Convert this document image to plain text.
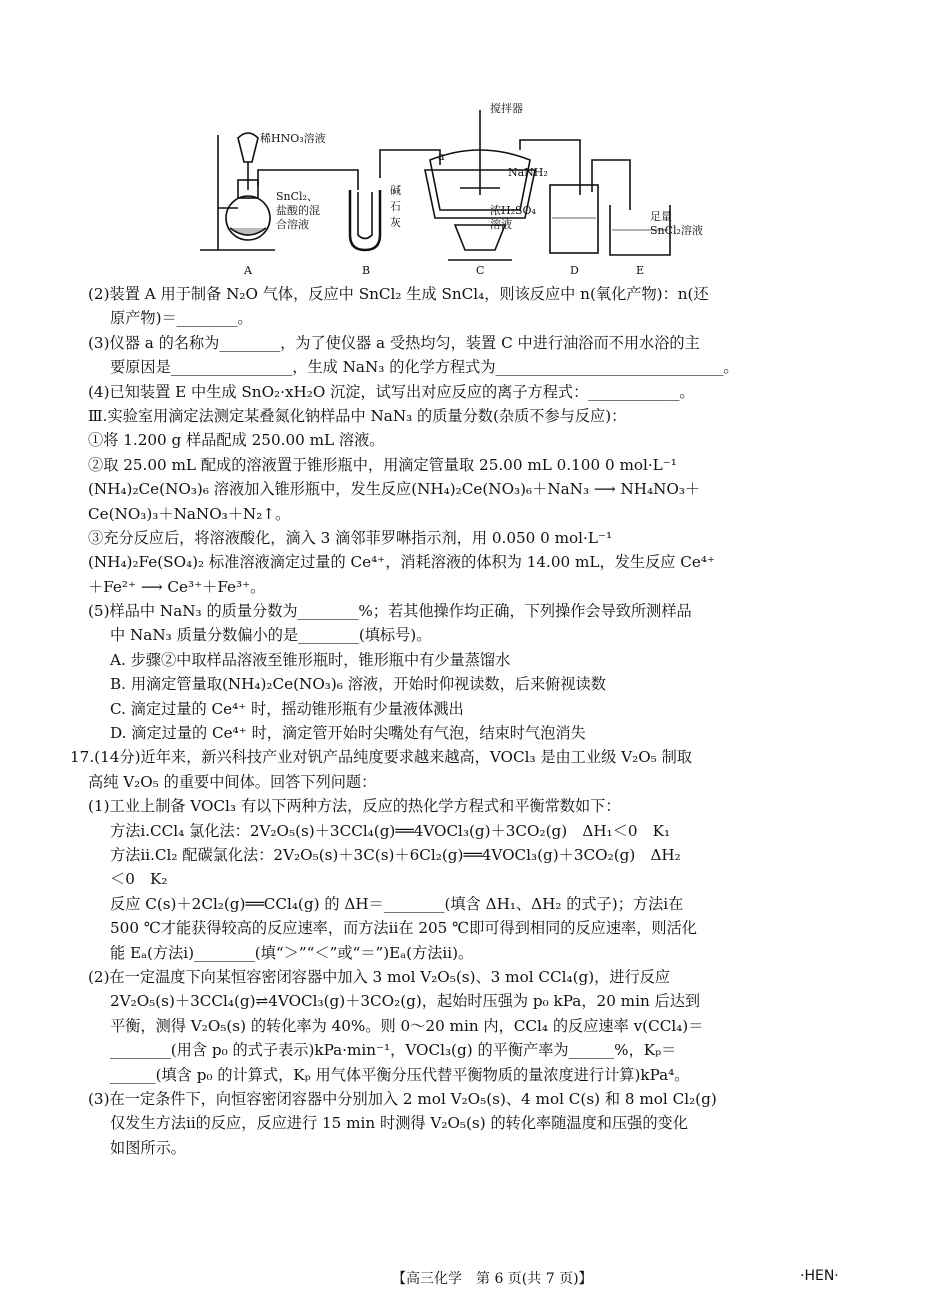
稀HNO₃溶液
搅拌器
a
NaNH₂
SnCl₂、
盐酸的混
合溶液
碱
石
灰
浓H₂SO₄
溶液
足量
SnCl₂溶液
A	B	C	D	E
(2)装置 A 用于制备 N₂O 气体，反应中 SnCl₂ 生成 SnCl₄，则该反应中 n(氧化产物)：n(还
原产物)＝________。
(3)仪器 a 的名称为________，为了使仪器 a 受热均匀，装置 C 中进行油浴而不用水浴的主
要原因是________________，生成 NaN₃ 的化学方程式为______________________________。
(4)已知装置 E 中生成 SnO₂·xH₂O 沉淀，试写出对应反应的离子方程式：____________。
Ⅲ.实验室用滴定法测定某叠氮化钠样品中 NaN₃ 的质量分数(杂质不参与反应)：
①将 1.200 g 样品配成 250.00 mL 溶液。
②取 25.00 mL 配成的溶液置于锥形瓶中，用滴定管量取 25.00 mL 0.100 0 mol·L⁻¹
(NH₄)₂Ce(NO₃)₆ 溶液加入锥形瓶中，发生反应(NH₄)₂Ce(NO₃)₆＋NaN₃ ⟶ NH₄NO₃＋
Ce(NO₃)₃＋NaNO₃＋N₂↑。
③充分反应后，将溶液酸化，滴入 3 滴邻菲罗啉指示剂，用 0.050 0 mol·L⁻¹
(NH₄)₂Fe(SO₄)₂ 标准溶液滴定过量的 Ce⁴⁺，消耗溶液的体积为 14.00 mL，发生反应 Ce⁴⁺
＋Fe²⁺ ⟶ Ce³⁺＋Fe³⁺。
(5)样品中 NaN₃ 的质量分数为________%；若其他操作均正确，下列操作会导致所测样品
中 NaN₃ 质量分数偏小的是________(填标号)。
A. 步骤②中取样品溶液至锥形瓶时，锥形瓶中有少量蒸馏水
B. 用滴定管量取(NH₄)₂Ce(NO₃)₆ 溶液，开始时仰视读数，后来俯视读数
C. 滴定过量的 Ce⁴⁺ 时，摇动锥形瓶有少量液体溅出
D. 滴定过量的 Ce⁴⁺ 时，滴定管开始时尖嘴处有气泡，结束时气泡消失
17.(14分)近年来，新兴科技产业对钒产品纯度要求越来越高，VOCl₃ 是由工业级 V₂O₅ 制取
高纯 V₂O₅ 的重要中间体。回答下列问题：
(1)工业上制备 VOCl₃ 有以下两种方法，反应的热化学方程式和平衡常数如下：
方法ⅰ.CCl₄ 氯化法：2V₂O₅(s)＋3CCl₄(g)══4VOCl₃(g)＋3CO₂(g)　ΔH₁＜0　K₁
方法ⅱ.Cl₂ 配碳氯化法：2V₂O₅(s)＋3C(s)＋6Cl₂(g)══4VOCl₃(g)＋3CO₂(g)　ΔH₂
＜0　K₂
反应 C(s)＋2Cl₂(g)══CCl₄(g) 的 ΔH＝________(填含 ΔH₁、ΔH₂ 的式子)；方法ⅰ在
500 ℃才能获得较高的反应速率，而方法ⅱ在 205 ℃即可得到相同的反应速率，则活化
能 Eₐ(方法ⅰ)________(填“＞”“＜”或“＝”)Eₐ(方法ⅱ)。
(2)在一定温度下向某恒容密闭容器中加入 3 mol V₂O₅(s)、3 mol CCl₄(g)，进行反应
2V₂O₅(s)＋3CCl₄(g)⇌4VOCl₃(g)＋3CO₂(g)，起始时压强为 p₀ kPa，20 min 后达到
平衡，测得 V₂O₅(s) 的转化率为 40%。则 0～20 min 内，CCl₄ 的反应速率 v(CCl₄)＝
________(用含 p₀ 的式子表示)kPa·min⁻¹，VOCl₃(g) 的平衡产率为______%，Kₚ＝
______(填含 p₀ 的计算式，Kₚ 用气体平衡分压代替平衡物质的量浓度进行计算)kPa⁴。
(3)在一定条件下，向恒容密闭容器中分别加入 2 mol V₂O₅(s)、4 mol C(s) 和 8 mol Cl₂(g)
仅发生方法ⅱ的反应，反应进行 15 min 时测得 V₂O₅(s) 的转化率随温度和压强的变化
如图所示。
【高三化学　第 6 页(共 7 页)】	·HEN·
